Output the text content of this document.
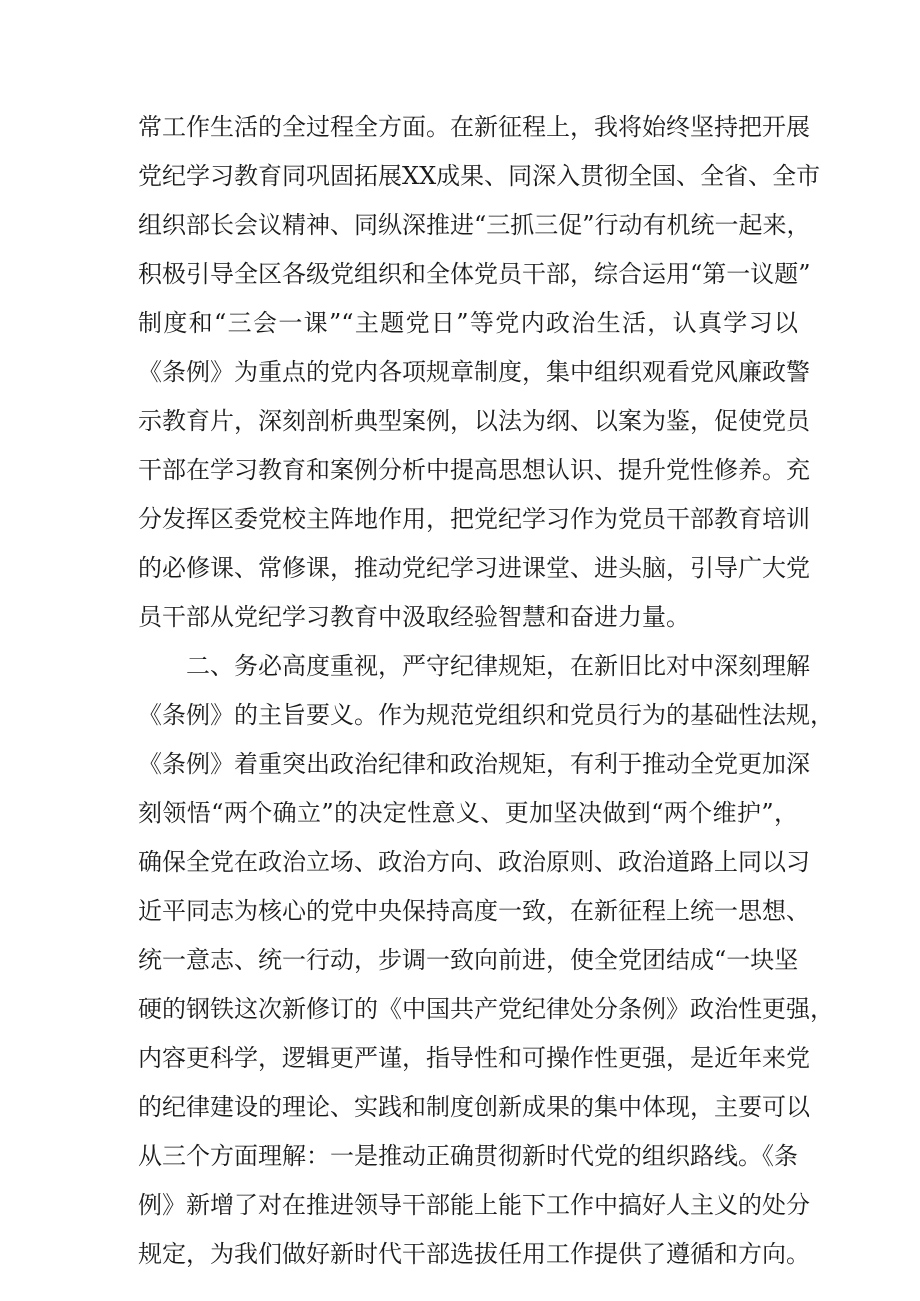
常工作生活的全过程全方面。在新征程上，我将始终坚持把开展
党纪学习教育同巩固拓展XX成果、同深入贯彻全国、全省、全市
组织部长会议精神、同纵深推进“三抓三促”行动有机统一起来，
积极引导全区各级党组织和全体党员干部，综合运用“第一议题”
制度和“三会一课”“主题党日”等党内政治生活，认真学习以
《条例》为重点的党内各项规章制度，集中组织观看党风廉政警
示教育片，深刻剖析典型案例，以法为纲、以案为鉴，促使党员
干部在学习教育和案例分析中提高思想认识、提升党性修养。充
分发挥区委党校主阵地作用，把党纪学习作为党员干部教育培训
的必修课、常修课，推动党纪学习进课堂、进头脑，引导广大党
员干部从党纪学习教育中汲取经验智慧和奋进力量。
二、务必高度重视，严守纪律规矩，在新旧比对中深刻理解
《条例》的主旨要义。作为规范党组织和党员行为的基础性法规，
《条例》着重突出政治纪律和政治规矩，有利于推动全党更加深
刻领悟“两个确立”的决定性意义、更加坚决做到“两个维护”，
确保全党在政治立场、政治方向、政治原则、政治道路上同以习
近平同志为核心的党中央保持高度一致，在新征程上统一思想、
统一意志、统一行动，步调一致向前进，使全党团结成“一块坚
硬的钢铁这次新修订的《中国共产党纪律处分条例》政治性更强，
内容更科学，逻辑更严谨，指导性和可操作性更强，是近年来党
的纪律建设的理论、实践和制度创新成果的集中体现，主要可以
从三个方面理解：一是推动正确贯彻新时代党的组织路线。《条
例》新增了对在推进领导干部能上能下工作中搞好人主义的处分
规定，为我们做好新时代干部选拔任用工作提供了遵循和方向。
